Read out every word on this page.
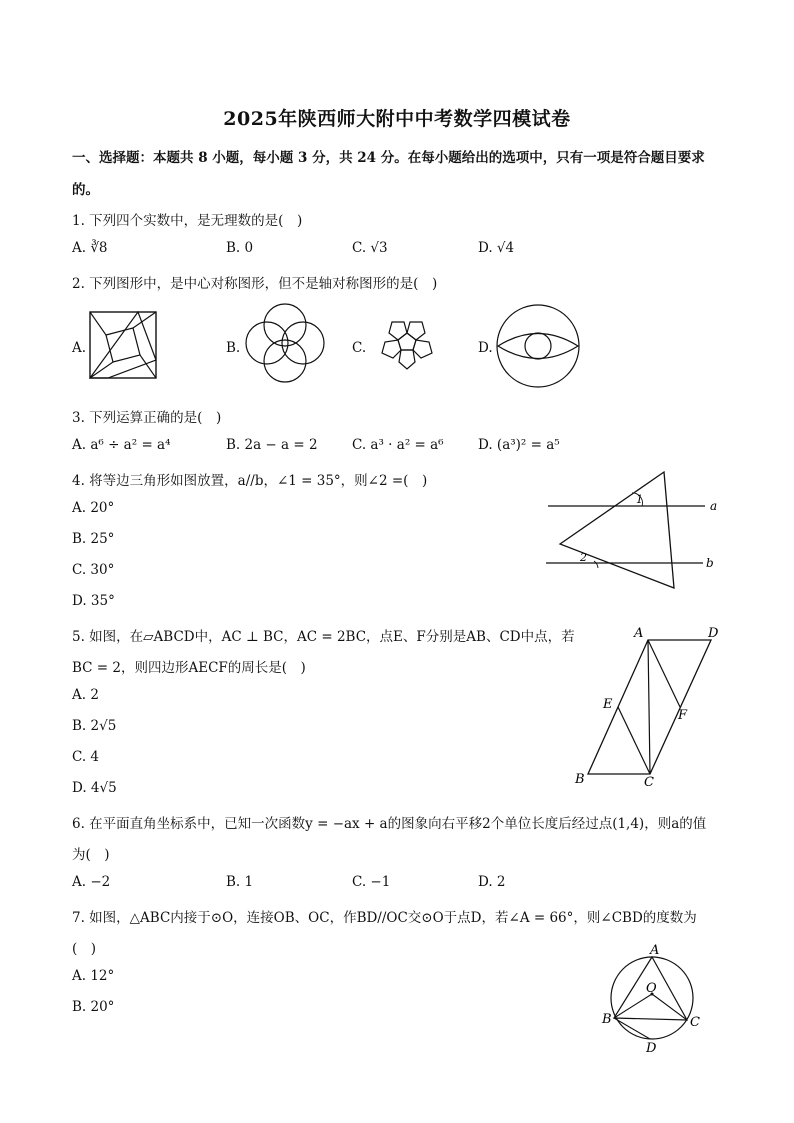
2025年陕西师大附中中考数学四模试卷
一、选择题：本题共 8 小题，每小题 3 分，共 24 分。在每小题给出的选项中，只有一项是符合题目要求
的。
1. 下列四个实数中，是无理数的是(　)
A. ∛8	B. 0	C. √3	D. √4
2. 下列图形中，是中心对称图形，但不是轴对称图形的是(　)
A.	B.	C.	D.
3. 下列运算正确的是(　)
A. a⁶ ÷ a² = a⁴	B. 2a − a = 2	C. a³ · a² = a⁶	D. (a³)² = a⁵
4. 将等边三角形如图放置，a//b，∠1 = 35°，则∠2 =(　)
A. 20°
B. 25°
C. 30°
D. 35°
1	a
2	b
5. 如图，在▱ABCD中，AC ⊥ BC，AC = 2BC，点E、F分别是AB、CD中点，若
BC = 2，则四边形AECF的周长是(　)
A. 2
B. 2√5
C. 4
D. 4√5
A	D
E
F
B	C
6. 在平面直角坐标系中，已知一次函数y = −ax + a的图象向右平移2个单位长度后经过点(1,4)，则a的值
为(　)
A. −2	B. 1	C. −1	D. 2
7. 如图，△ABC内接于⊙O，连接OB、OC，作BD//OC交⊙O于点D，若∠A = 66°，则∠CBD的度数为
(　)
A. 12°
B. 20°
A
O
B	C
D
